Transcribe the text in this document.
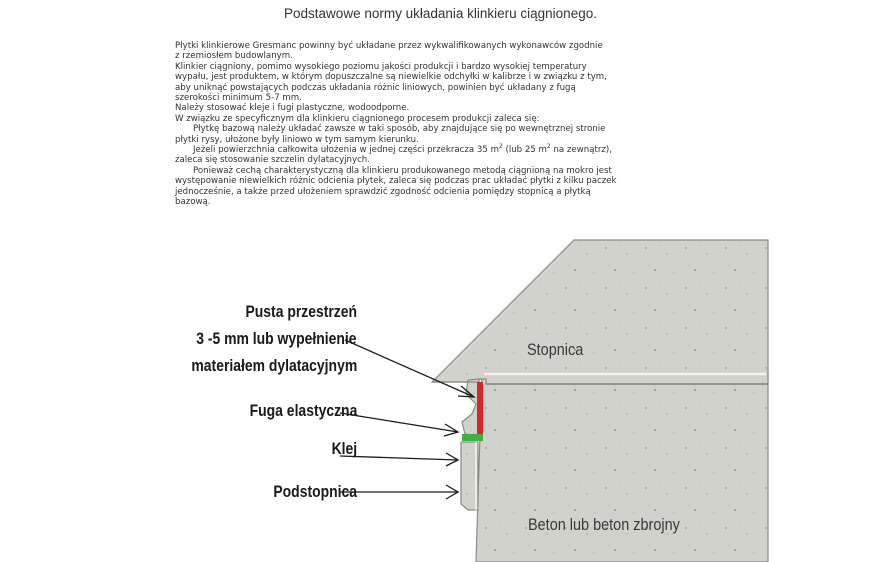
Podstawowe normy układania klinkieru ciągnionego.
Płytki klinkierowe Gresmanc powinny być układane przez wykwalifikowanych wykonawców zgodnie
z rzemiosłem budowlanym.
Klinkier ciągniony, pomimo wysokiego poziomu jakości produkcji i bardzo wysokiej temperatury
wypału, jest produktem, w którym dopuszczalne są niewielkie odchyłki w kalibrze i w związku z tym,
aby uniknąć powstających podczas układania różnic liniowych, powinien być układany z fugą
szerokości minimum 5-7 mm.
Należy stosować kleje i fugi plastyczne, wodoodporne.
W związku ze specyficznym dla klinkieru ciągnionego procesem produkcji zaleca się:
Płytkę bazową należy układać zawsze w taki sposób, aby znajdujące się po wewnętrznej stronie
płytki rysy, ułożone były liniowo w tym samym kierunku.
Jeżeli powierzchnia całkowita ułożenia w jednej części przekracza 35 $m^2$ (lub 25 $m^2$ na zewnątrz),
zaleca się stosowanie szczelin dylatacyjnych.
Ponieważ cechą charakterystyczną dla klinkieru produkowanego metodą ciągnioną na mokro jest
występowanie niewielkich różnic odcienia płytek, zaleca się podczas prac układać płytki z kilku paczek
jednocześnie, a także przed ułożeniem sprawdzić zgodność odcienia pomiędzy stopnicą a płytką
bazową.
Pusta przestrzeń
3 -5 mm lub wypełnienie
materiałem dylatacyjnym
Fuga elastyczna
Klej
Podstopnica
Stopnica
Beton lub beton zbrojny
